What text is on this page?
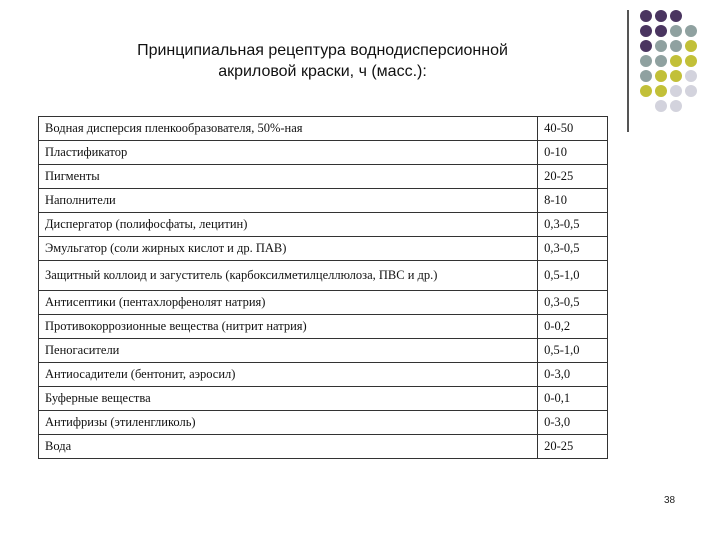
Принципиальная рецептура воднодисперсионной
акриловой краски, ч (масс.):
Водная дисперсия пленкообразователя, 50%-ная	40-50
Пластификатор	0-10
Пигменты	20-25
Наполнители	8-10
Диспергатор (полифосфаты, лецитин)	0,3-0,5
Эмульгатор (соли жирных кислот и др. ПАВ)	0,3-0,5
Защитный коллоид и загуститель (карбоксилметилцеллюлоза, ПВС и др.)	0,5-1,0
Антисептики (пентахлорфенолят натрия)	0,3-0,5
Противокоррозионные вещества (нитрит натрия)	0-0,2
Пеногасители	0,5-1,0
Антиосадители (бентонит, аэросил)	0-3,0
Буферные вещества	0-0,1
Антифризы (этиленгликоль)	0-3,0
Вода	20-25
38
